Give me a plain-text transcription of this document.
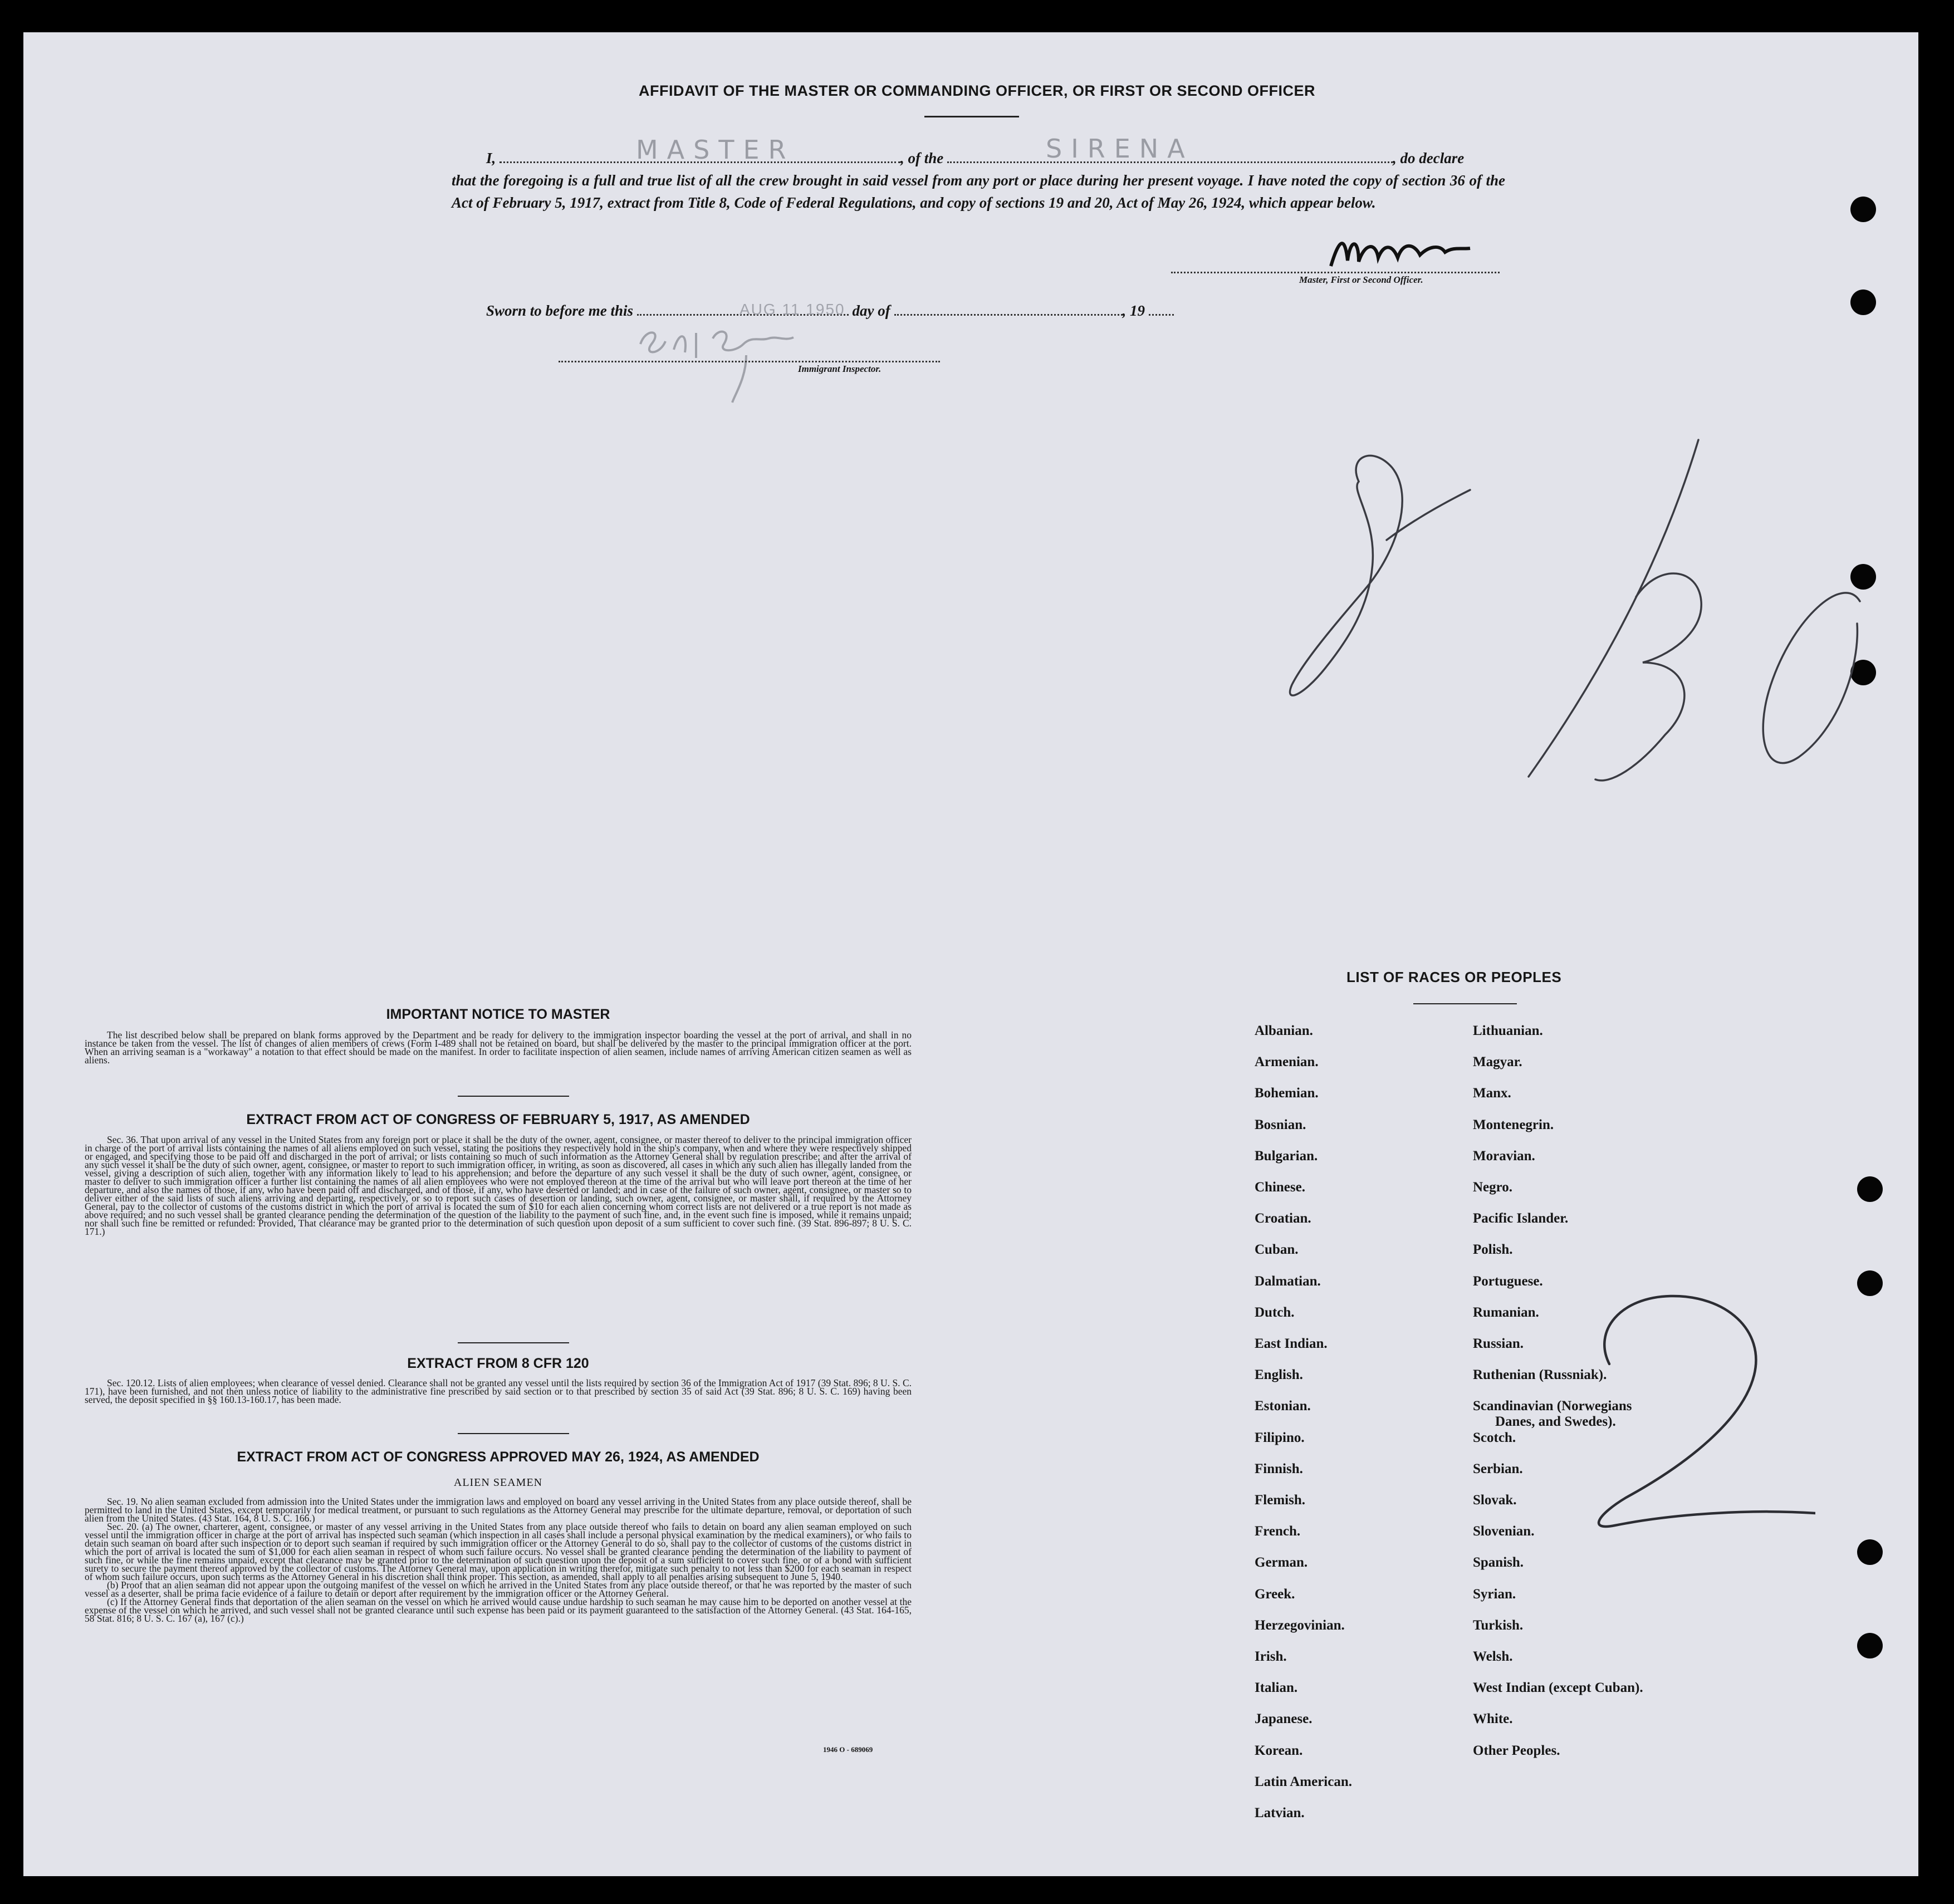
AFFIDAVIT OF THE MASTER OR COMMANDING OFFICER, OR FIRST OR SECOND OFFICER
I,	, of the	, do declare
MASTER	SIRENA
that the foregoing is a full and true list of all the crew brought in said vessel from any port or place during her present voyage. I have noted the copy of section 36 of the Act of February 5, 1917, extract from Title 8, Code of Federal Regulations, and copy of sections 19 and 20, Act of May 26, 1924, which appear below.
Master, First or Second Officer.
Sworn to before me this	day of	, 19
AUG 11 1950
Immigrant Inspector.
IMPORTANT NOTICE TO MASTER

The list described below shall be prepared on blank forms approved by the Department and be ready for delivery to the immigration inspector boarding the vessel at the port of arrival, and shall in no instance be taken from the vessel. The list of changes of alien members of crews (Form I-489 shall not be retained on board, but shall be delivered by the master to the principal immigration officer at the port. When an arriving seaman is a "workaway" a notation to that effect should be made on the manifest. In order to facilitate inspection of alien seamen, include names of arriving American citizen seamen as well as aliens.

EXTRACT FROM ACT OF CONGRESS OF FEBRUARY 5, 1917, AS AMENDED

Sec. 36. That upon arrival of any vessel in the United States from any foreign port or place it shall be the duty of the owner, agent, consignee, or master thereof to deliver to the principal immigration officer in charge of the port of arrival lists containing the names of all aliens employed on such vessel, stating the positions they respectively hold in the ship's company, when and where they were respectively shipped or engaged, and specifying those to be paid off and discharged in the port of arrival; or lists containing so much of such information as the Attorney General shall by regulation prescribe; and after the arrival of any such vessel it shall be the duty of such owner, agent, consignee, or master to report to such immigration officer, in writing, as soon as discovered, all cases in which any such alien has illegally landed from the vessel, giving a description of such alien, together with any information likely to lead to his apprehension; and before the departure of any such vessel it shall be the duty of such owner, agent, consignee, or master to deliver to such immigration officer a further list containing the names of all alien employees who were not employed thereon at the time of the arrival but who will leave port thereon at the time of her departure, and also the names of those, if any, who have been paid off and discharged, and of those, if any, who have deserted or landed; and in case of the failure of such owner, agent, consignee, or master so to deliver either of the said lists of such aliens arriving and departing, respectively, or so to report such cases of desertion or landing, such owner, agent, consignee, or master shall, if required by the Attorney General, pay to the collector of customs of the customs district in which the port of arrival is located the sum of $10 for each alien concerning whom correct lists are not delivered or a true report is not made as above required; and no such vessel shall be granted clearance pending the determination of the question of the liability to the payment of such fine, and, in the event such fine is imposed, while it remains unpaid; nor shall such fine be remitted or refunded: Provided, That clearance may be granted prior to the determination of such question upon deposit of a sum sufficient to cover such fine. (39 Stat. 896-897; 8 U. S. C. 171.)

EXTRACT FROM 8 CFR 120

Sec. 120.12. Lists of alien employees; when clearance of vessel denied. Clearance shall not be granted any vessel until the lists required by section 36 of the Immigration Act of 1917 (39 Stat. 896; 8 U. S. C. 171), have been furnished, and not then unless notice of liability to the administrative fine prescribed by said section or to that prescribed by section 35 of said Act (39 Stat. 896; 8 U. S. C. 169) having been served, the deposit specified in §§ 160.13-160.17, has been made.

EXTRACT FROM ACT OF CONGRESS APPROVED MAY 26, 1924, AS AMENDED
ALIEN SEAMEN

Sec. 19. No alien seaman excluded from admission into the United States under the immigration laws and employed on board any vessel arriving in the United States from any place outside thereof, shall be permitted to land in the United States, except temporarily for medical treatment, or pursuant to such regulations as the Attorney General may prescribe for the ultimate departure, removal, or deportation of such alien from the United States. (43 Stat. 164, 8 U. S. C. 166.)

Sec. 20. (a) The owner, charterer, agent, consignee, or master of any vessel arriving in the United States from any place outside thereof who fails to detain on board any alien seaman employed on such vessel until the immigration officer in charge at the port of arrival has inspected such seaman (which inspection in all cases shall include a personal physical examination by the medical examiners), or who fails to detain such seaman on board after such inspection or to deport such seaman if required by such immigration officer or the Attorney General to do so, shall pay to the collector of customs of the customs district in which the port of arrival is located the sum of $1,000 for each alien seaman in respect of whom such failure occurs. No vessel shall be granted clearance pending the determination of the liability to payment of such fine, or while the fine remains unpaid, except that clearance may be granted prior to the determination of such question upon the deposit of a sum sufficient to cover such fine, or of a bond with sufficient surety to secure the payment thereof approved by the collector of customs. The Attorney General may, upon application in writing therefor, mitigate such penalty to not less than $200 for each seaman in respect of whom such failure occurs, upon such terms as the Attorney General in his discretion shall think proper. This section, as amended, shall apply to all penalties arising subsequent to June 5, 1940.

(b) Proof that an alien seaman did not appear upon the outgoing manifest of the vessel on which he arrived in the United States from any place outside thereof, or that he was reported by the master of such vessel as a deserter, shall be prima facie evidence of a failure to detain or deport after requirement by the immigration officer or the Attorney General.

(c) If the Attorney General finds that deportation of the alien seaman on the vessel on which he arrived would cause undue hardship to such seaman he may cause him to be deported on another vessel at the expense of the vessel on which he arrived, and such vessel shall not be granted clearance until such expense has been paid or its payment guaranteed to the satisfaction of the Attorney General. (43 Stat. 164-165, 58 Stat. 816; 8 U. S. C. 167 (a), 167 (c).)

1946 O - 689069
LIST OF RACES OR PEOPLES
Albanian.
Armenian.
Bohemian.
Bosnian.
Bulgarian.
Chinese.
Croatian.
Cuban.
Dalmatian.
Dutch.
East Indian.
English.
Estonian.
Filipino.
Finnish.
Flemish.
French.
German.
Greek.
Herzegovinian.
Irish.
Italian.
Japanese.
Korean.
Latin American.
Latvian.
Lithuanian.
Magyar.
Manx.
Montenegrin.
Moravian.
Negro.
Pacific Islander.
Polish.
Portuguese.
Rumanian.
Russian.
Ruthenian (Russniak).
Scandinavian (Norwegians
Danes, and Swedes).
Scotch.
Serbian.
Slovak.
Slovenian.
Spanish.
Syrian.
Turkish.
Welsh.
West Indian (except Cuban).
White.
Other Peoples.
